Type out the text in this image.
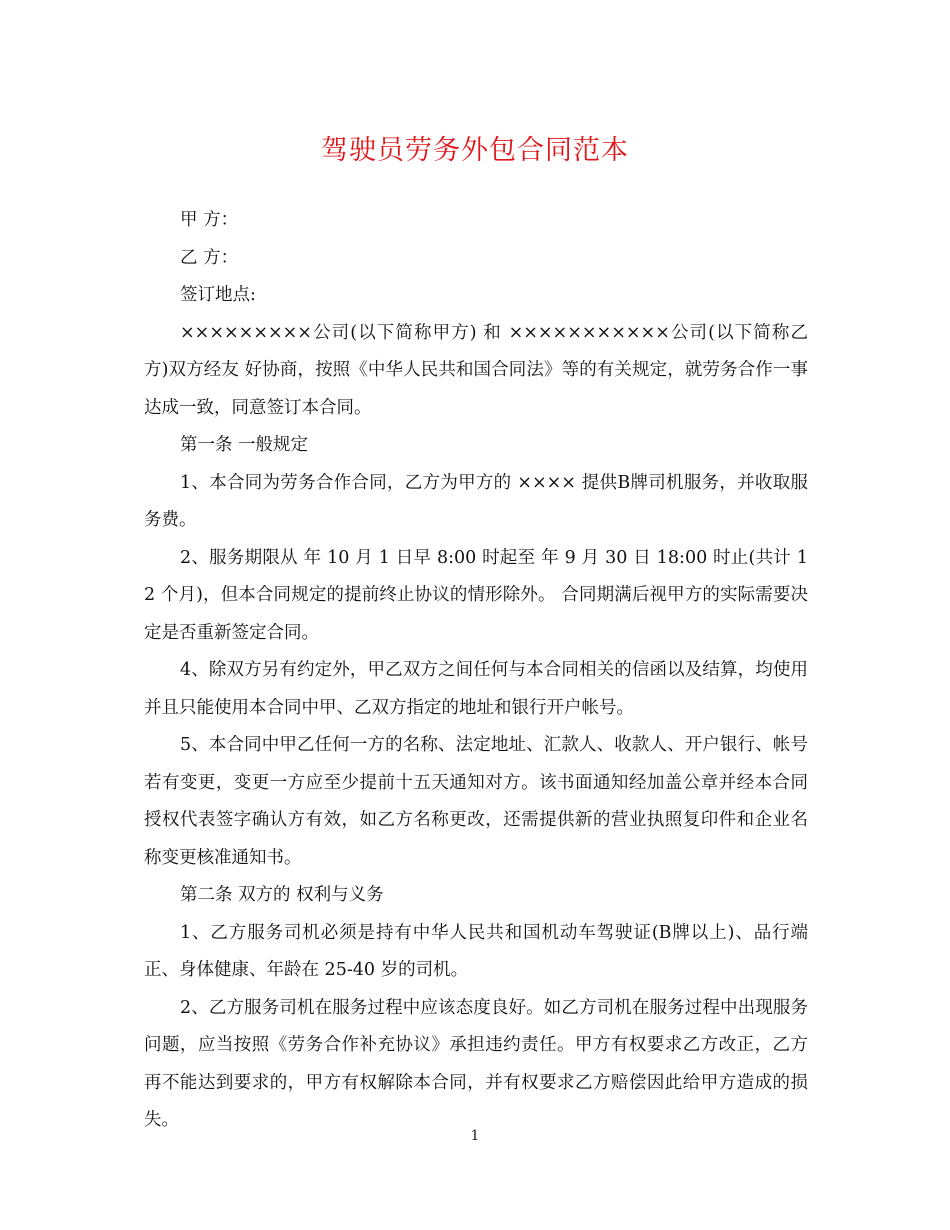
驾驶员劳务外包合同范本

甲 方：

乙 方：

签订地点:

×××××××××公司(以下简称甲方) 和 ×××××××××××公司(以下简称乙方)双方经友 好协商，按照《中华人民共和国合同法》等的有关规定，就劳务合作一事达成一致，同意签订本合同。

第一条 一般规定

1、本合同为劳务合作合同，乙方为甲方的 ×××× 提供B牌司机服务，并收取服务费。

2、服务期限从 年 10 月 1 日早 8:00 时起至 年 9 月 30 日 18:00 时止(共计 12 个月)，但本合同规定的提前终止协议的情形除外。 合同期满后视甲方的实际需要决定是否重新签定合同。

4、除双方另有约定外，甲乙双方之间任何与本合同相关的信函以及结算，均使用并且只能使用本合同中甲、乙双方指定的地址和银行开户帐号。

5、本合同中甲乙任何一方的名称、法定地址、汇款人、收款人、开户银行、帐号若有变更，变更一方应至少提前十五天通知对方。该书面通知经加盖公章并经本合同授权代表签字确认方有效，如乙方名称更改，还需提供新的营业执照复印件和企业名称变更核准通知书。

第二条 双方的 权利与义务

1、乙方服务司机必须是持有中华人民共和国机动车驾驶证(B牌以上)、品行端正、身体健康、年龄在 25-40 岁的司机。

2、乙方服务司机在服务过程中应该态度良好。如乙方司机在服务过程中出现服务问题，应当按照《劳务合作补充协议》承担违约责任。甲方有权要求乙方改正，乙方再不能达到要求的，甲方有权解除本合同，并有权要求乙方赔偿因此给甲方造成的损失。

1
